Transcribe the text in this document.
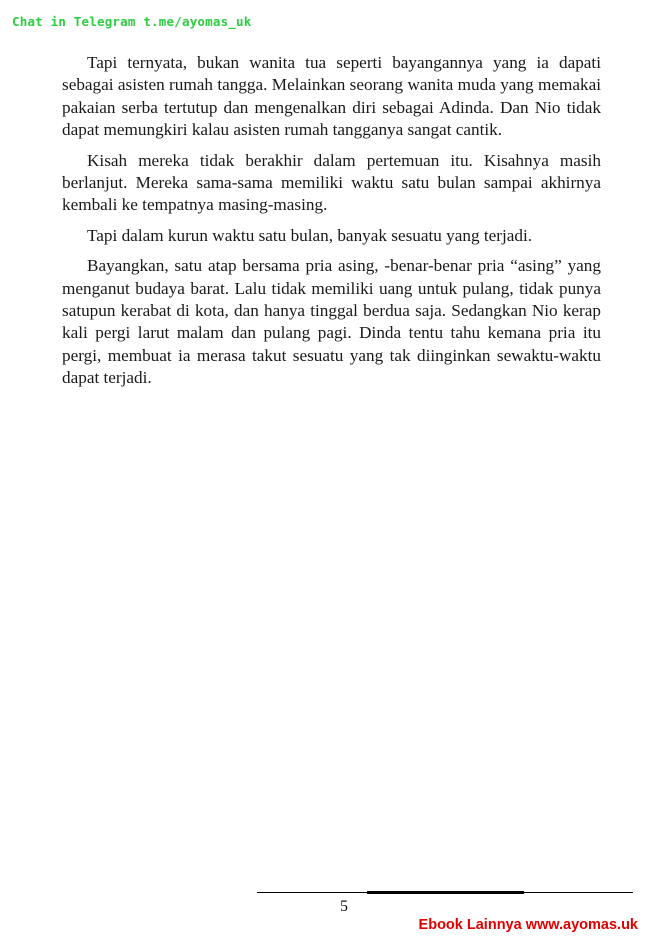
Chat in Telegram t.me/ayomas_uk

Tapi ternyata, bukan wanita tua seperti bayangannya yang ia dapati sebagai asisten rumah tangga. Melainkan seorang wanita muda yang memakai pakaian serba tertutup dan mengenalkan diri sebagai Adinda. Dan Nio tidak dapat memungkiri kalau asisten rumah tangganya sangat cantik.

Kisah mereka tidak berakhir dalam pertemuan itu. Kisahnya masih berlanjut. Mereka sama-sama memiliki waktu satu bulan sampai akhirnya kembali ke tempatnya masing-masing.

Tapi dalam kurun waktu satu bulan, banyak sesuatu yang terjadi.

Bayangkan, satu atap bersama pria asing, -benar-benar pria “asing” yang menganut budaya barat. Lalu tidak memiliki uang untuk pulang, tidak punya satupun kerabat di kota, dan hanya tinggal berdua saja. Sedangkan Nio kerap kali pergi larut malam dan pulang pagi. Dinda tentu tahu kemana pria itu pergi, membuat ia merasa takut sesuatu yang tak diinginkan sewaktu-waktu dapat terjadi.

5
Ebook Lainnya www.ayomas.uk
